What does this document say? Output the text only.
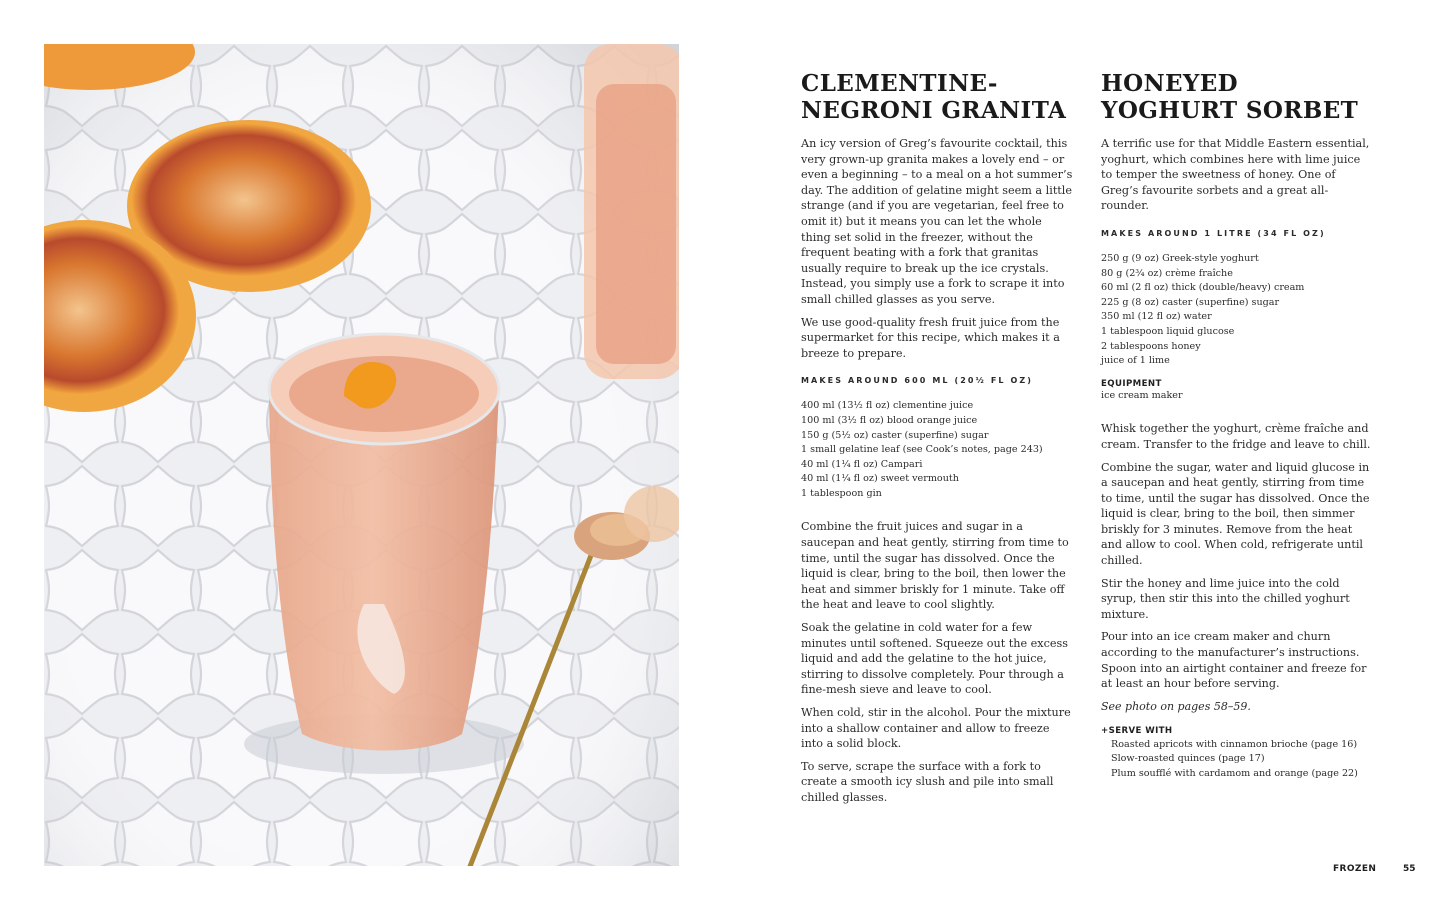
CLEMENTINE-
NEGRONI GRANITA

An icy version of Greg’s favourite cocktail, this very grown-up granita makes a lovely end – or even a beginning – to a meal on a hot summer’s day. The addition of gelatine might seem a little strange (and if you are vegetarian, feel free to omit it) but it means you can let the whole thing set solid in the freezer, without the frequent beating with a fork that granitas usually require to break up the ice crystals. Instead, you simply use a fork to scrape it into small chilled glasses as you serve.

We use good-quality fresh fruit juice from the supermarket for this recipe, which makes it a breeze to prepare.

MAKES AROUND 600 ML (20½ FL OZ)
400 ml (13½ fl oz) clementine juice
100 ml (3½ fl oz) blood orange juice
150 g (5½ oz) caster (superfine) sugar
1 small gelatine leaf (see Cook’s notes, page 243)
40 ml (1¼ fl oz) Campari
40 ml (1¼ fl oz) sweet vermouth
1 tablespoon gin

Combine the fruit juices and sugar in a saucepan and heat gently, stirring from time to time, until the sugar has dissolved. Once the liquid is clear, bring to the boil, then lower the heat and simmer briskly for 1 minute. Take off the heat and leave to cool slightly.

Soak the gelatine in cold water for a few minutes until softened. Squeeze out the excess liquid and add the gelatine to the hot juice, stirring to dissolve completely. Pour through a fine-mesh sieve and leave to cool.

When cold, stir in the alcohol. Pour the mixture into a shallow container and allow to freeze into a solid block.

To serve, scrape the surface with a fork to create a smooth icy slush and pile into small chilled glasses.

HONEYED
YOGHURT SORBET

A terrific use for that Middle Eastern essential, yoghurt, which combines here with lime juice to temper the sweetness of honey. One of Greg’s favourite sorbets and a great all-rounder.

MAKES AROUND 1 LITRE (34 FL OZ)
250 g (9 oz) Greek-style yoghurt
80 g (2¾ oz) crème fraîche
60 ml (2 fl oz) thick (double/heavy) cream
225 g (8 oz) caster (superfine) sugar
350 ml (12 fl oz) water
1 tablespoon liquid glucose
2 tablespoons honey
juice of 1 lime
EQUIPMENT
ice cream maker

Whisk together the yoghurt, crème fraîche and cream. Transfer to the fridge and leave to chill.

Combine the sugar, water and liquid glucose in a saucepan and heat gently, stirring from time to time, until the sugar has dissolved. Once the liquid is clear, bring to the boil, then simmer briskly for 3 minutes. Remove from the heat and allow to cool. When cold, refrigerate until chilled.

Stir the honey and lime juice into the cold syrup, then stir this into the chilled yoghurt mixture.

Pour into an ice cream maker and churn according to the manufacturer’s instructions. Spoon into an airtight container and freeze for at least an hour before serving.

See photo on pages 58–59.

+SERVE WITH
Roasted apricots with cinnamon brioche (page 16)
Slow-roasted quinces (page 17)
Plum soufflé with cardamom and orange (page 22)
FROZEN	55
